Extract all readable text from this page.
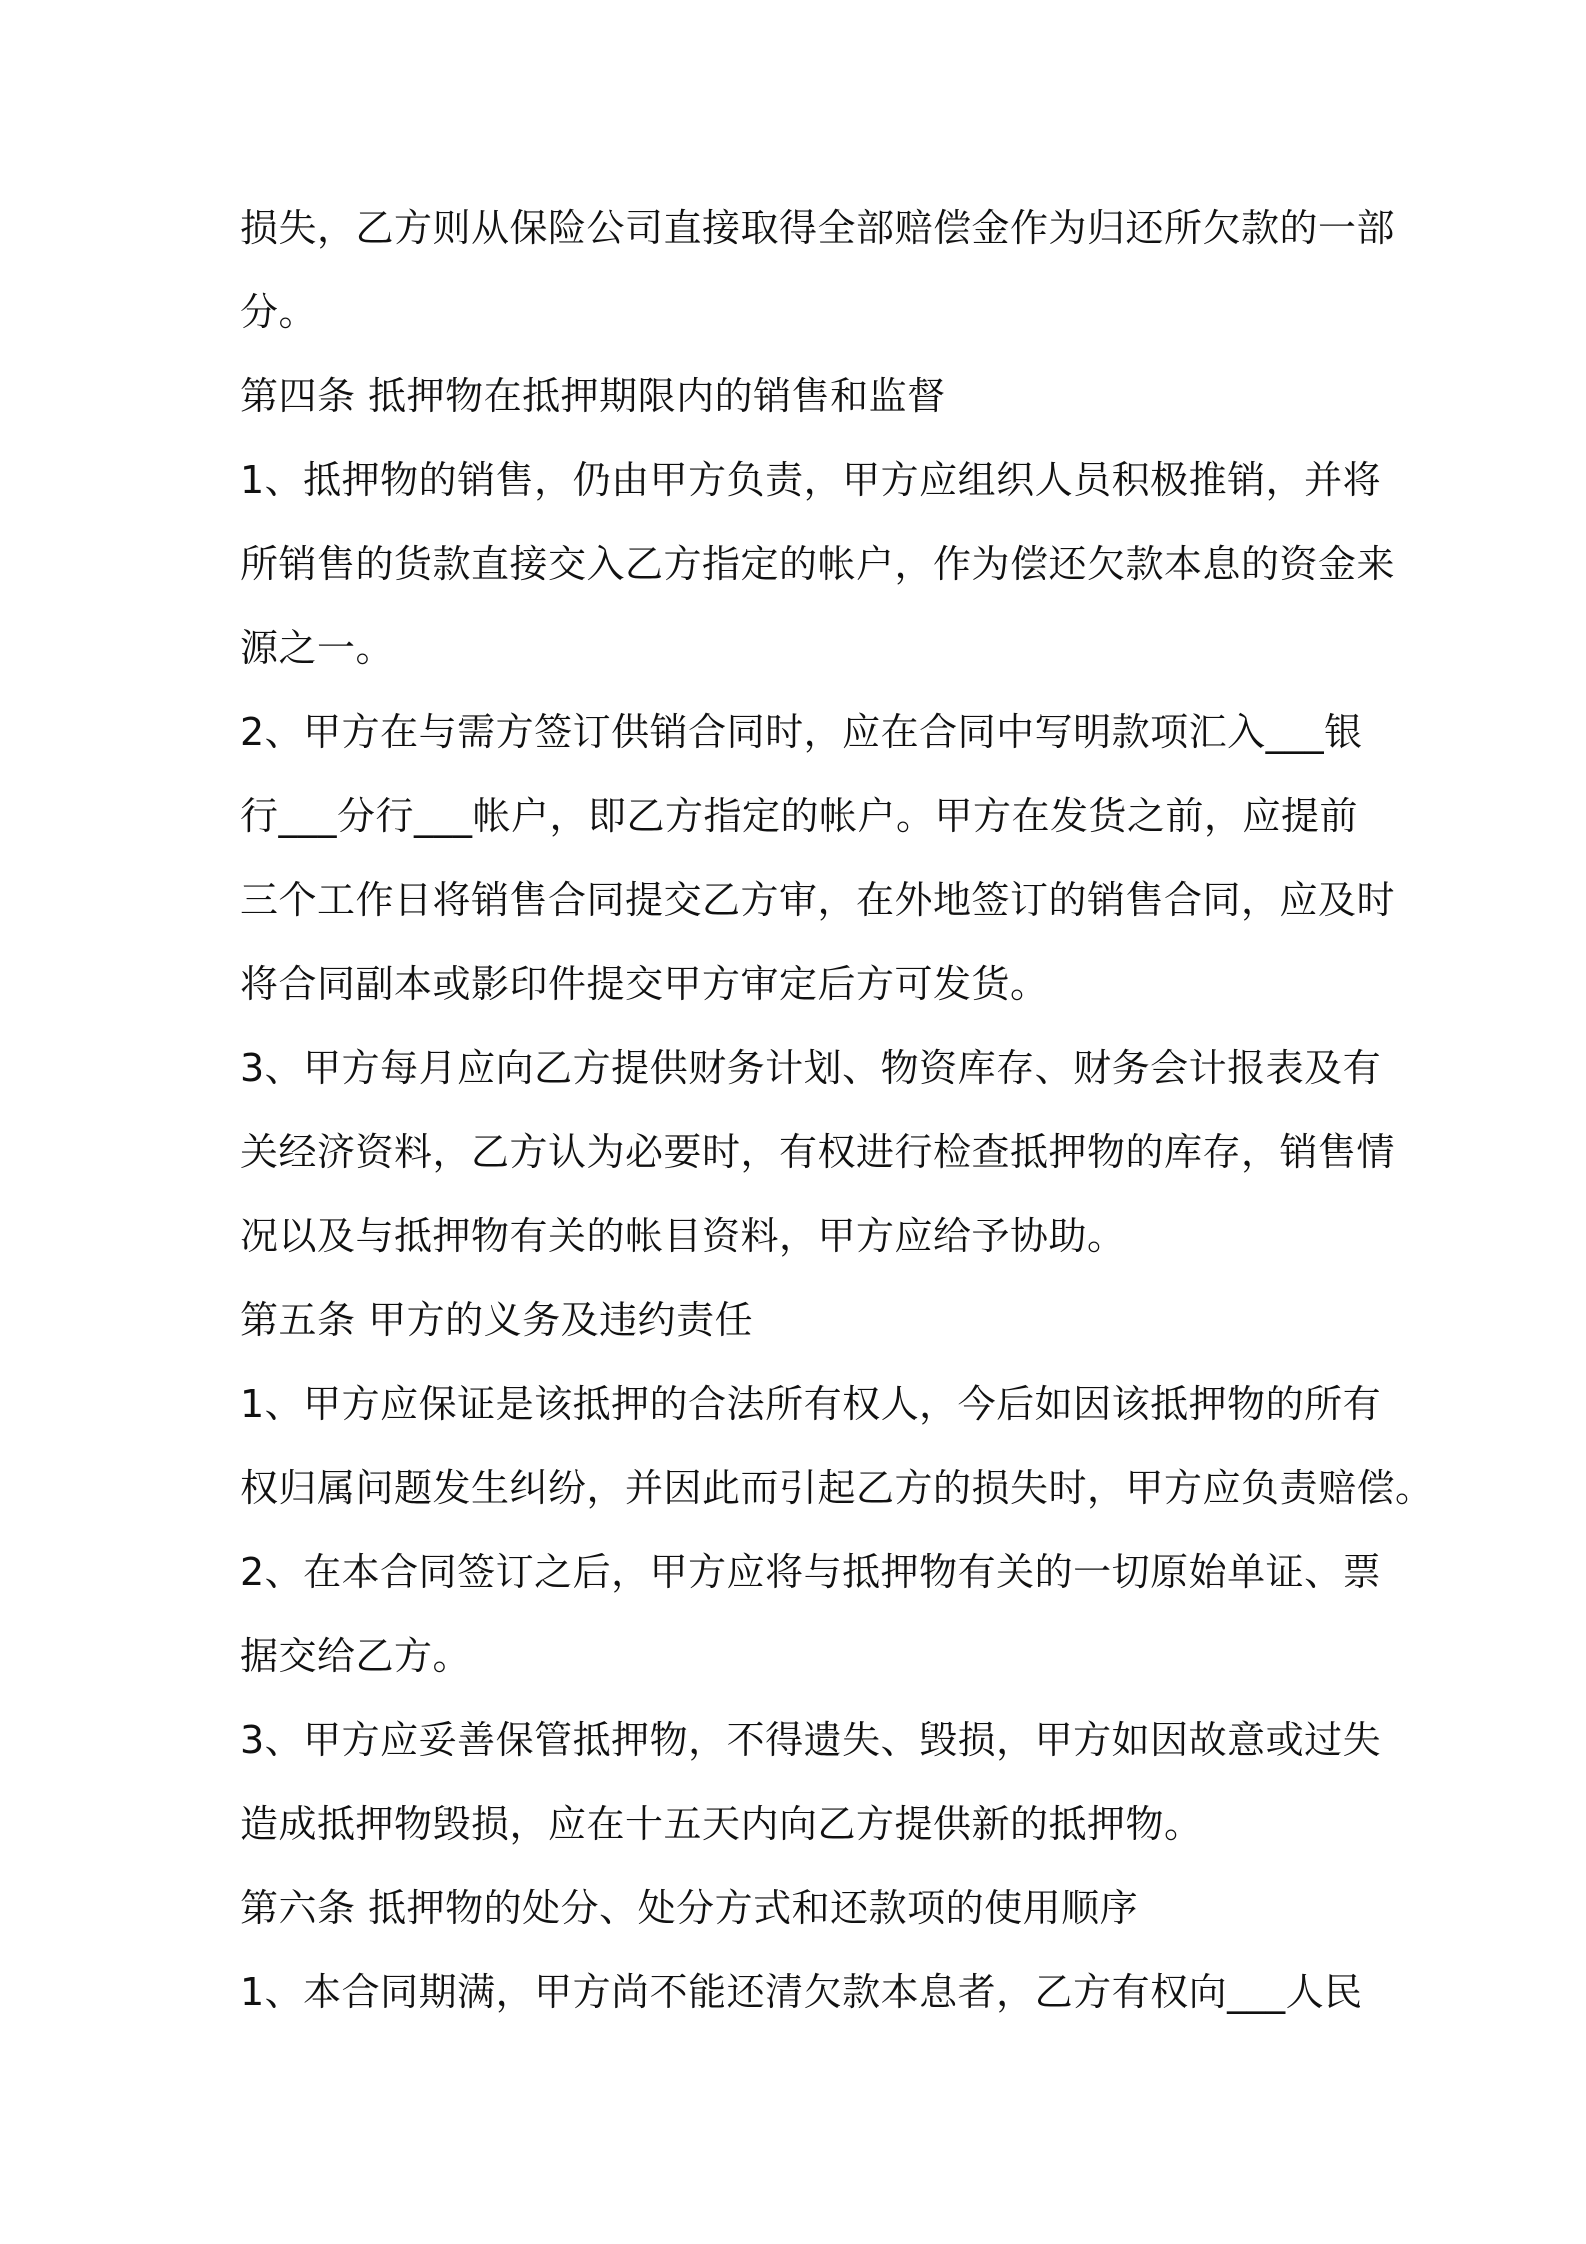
损失，乙方则从保险公司直接取得全部赔偿金作为归还所欠款的一部
分。
第四条 抵押物在抵押期限内的销售和监督
1、抵押物的销售，仍由甲方负责，甲方应组织人员积极推销，并将
所销售的货款直接交入乙方指定的帐户，作为偿还欠款本息的资金来
源之一。
2、甲方在与需方签订供销合同时，应在合同中写明款项汇入___银
行___分行___帐户，即乙方指定的帐户。甲方在发货之前，应提前
三个工作日将销售合同提交乙方审，在外地签订的销售合同，应及时
将合同副本或影印件提交甲方审定后方可发货。
3、甲方每月应向乙方提供财务计划、物资库存、财务会计报表及有
关经济资料，乙方认为必要时，有权进行检查抵押物的库存，销售情
况以及与抵押物有关的帐目资料，甲方应给予协助。
第五条 甲方的义务及违约责任
1、甲方应保证是该抵押的合法所有权人，今后如因该抵押物的所有
权归属问题发生纠纷，并因此而引起乙方的损失时，甲方应负责赔偿。
2、在本合同签订之后，甲方应将与抵押物有关的一切原始单证、票
据交给乙方。
3、甲方应妥善保管抵押物，不得遗失、毁损，甲方如因故意或过失
造成抵押物毁损，应在十五天内向乙方提供新的抵押物。
第六条 抵押物的处分、处分方式和还款项的使用顺序
1、本合同期满，甲方尚不能还清欠款本息者，乙方有权向___人民
